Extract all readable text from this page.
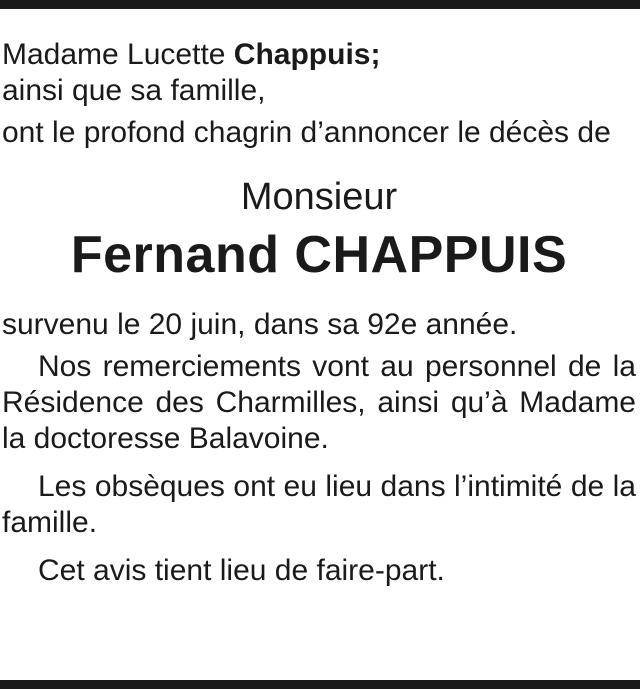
Madame Lucette Chappuis;

ainsi que sa famille,

ont le profond chagrin d’annoncer le décès de

Monsieur

Fernand CHAPPUIS

survenu le 20 juin, dans sa 92e année.

Nos remerciements vont au personnel de la Résidence des Charmilles, ainsi qu’à Madame la doctoresse Balavoine.

Les obsèques ont eu lieu dans l’intimité de la famille.

Cet avis tient lieu de faire-part.
